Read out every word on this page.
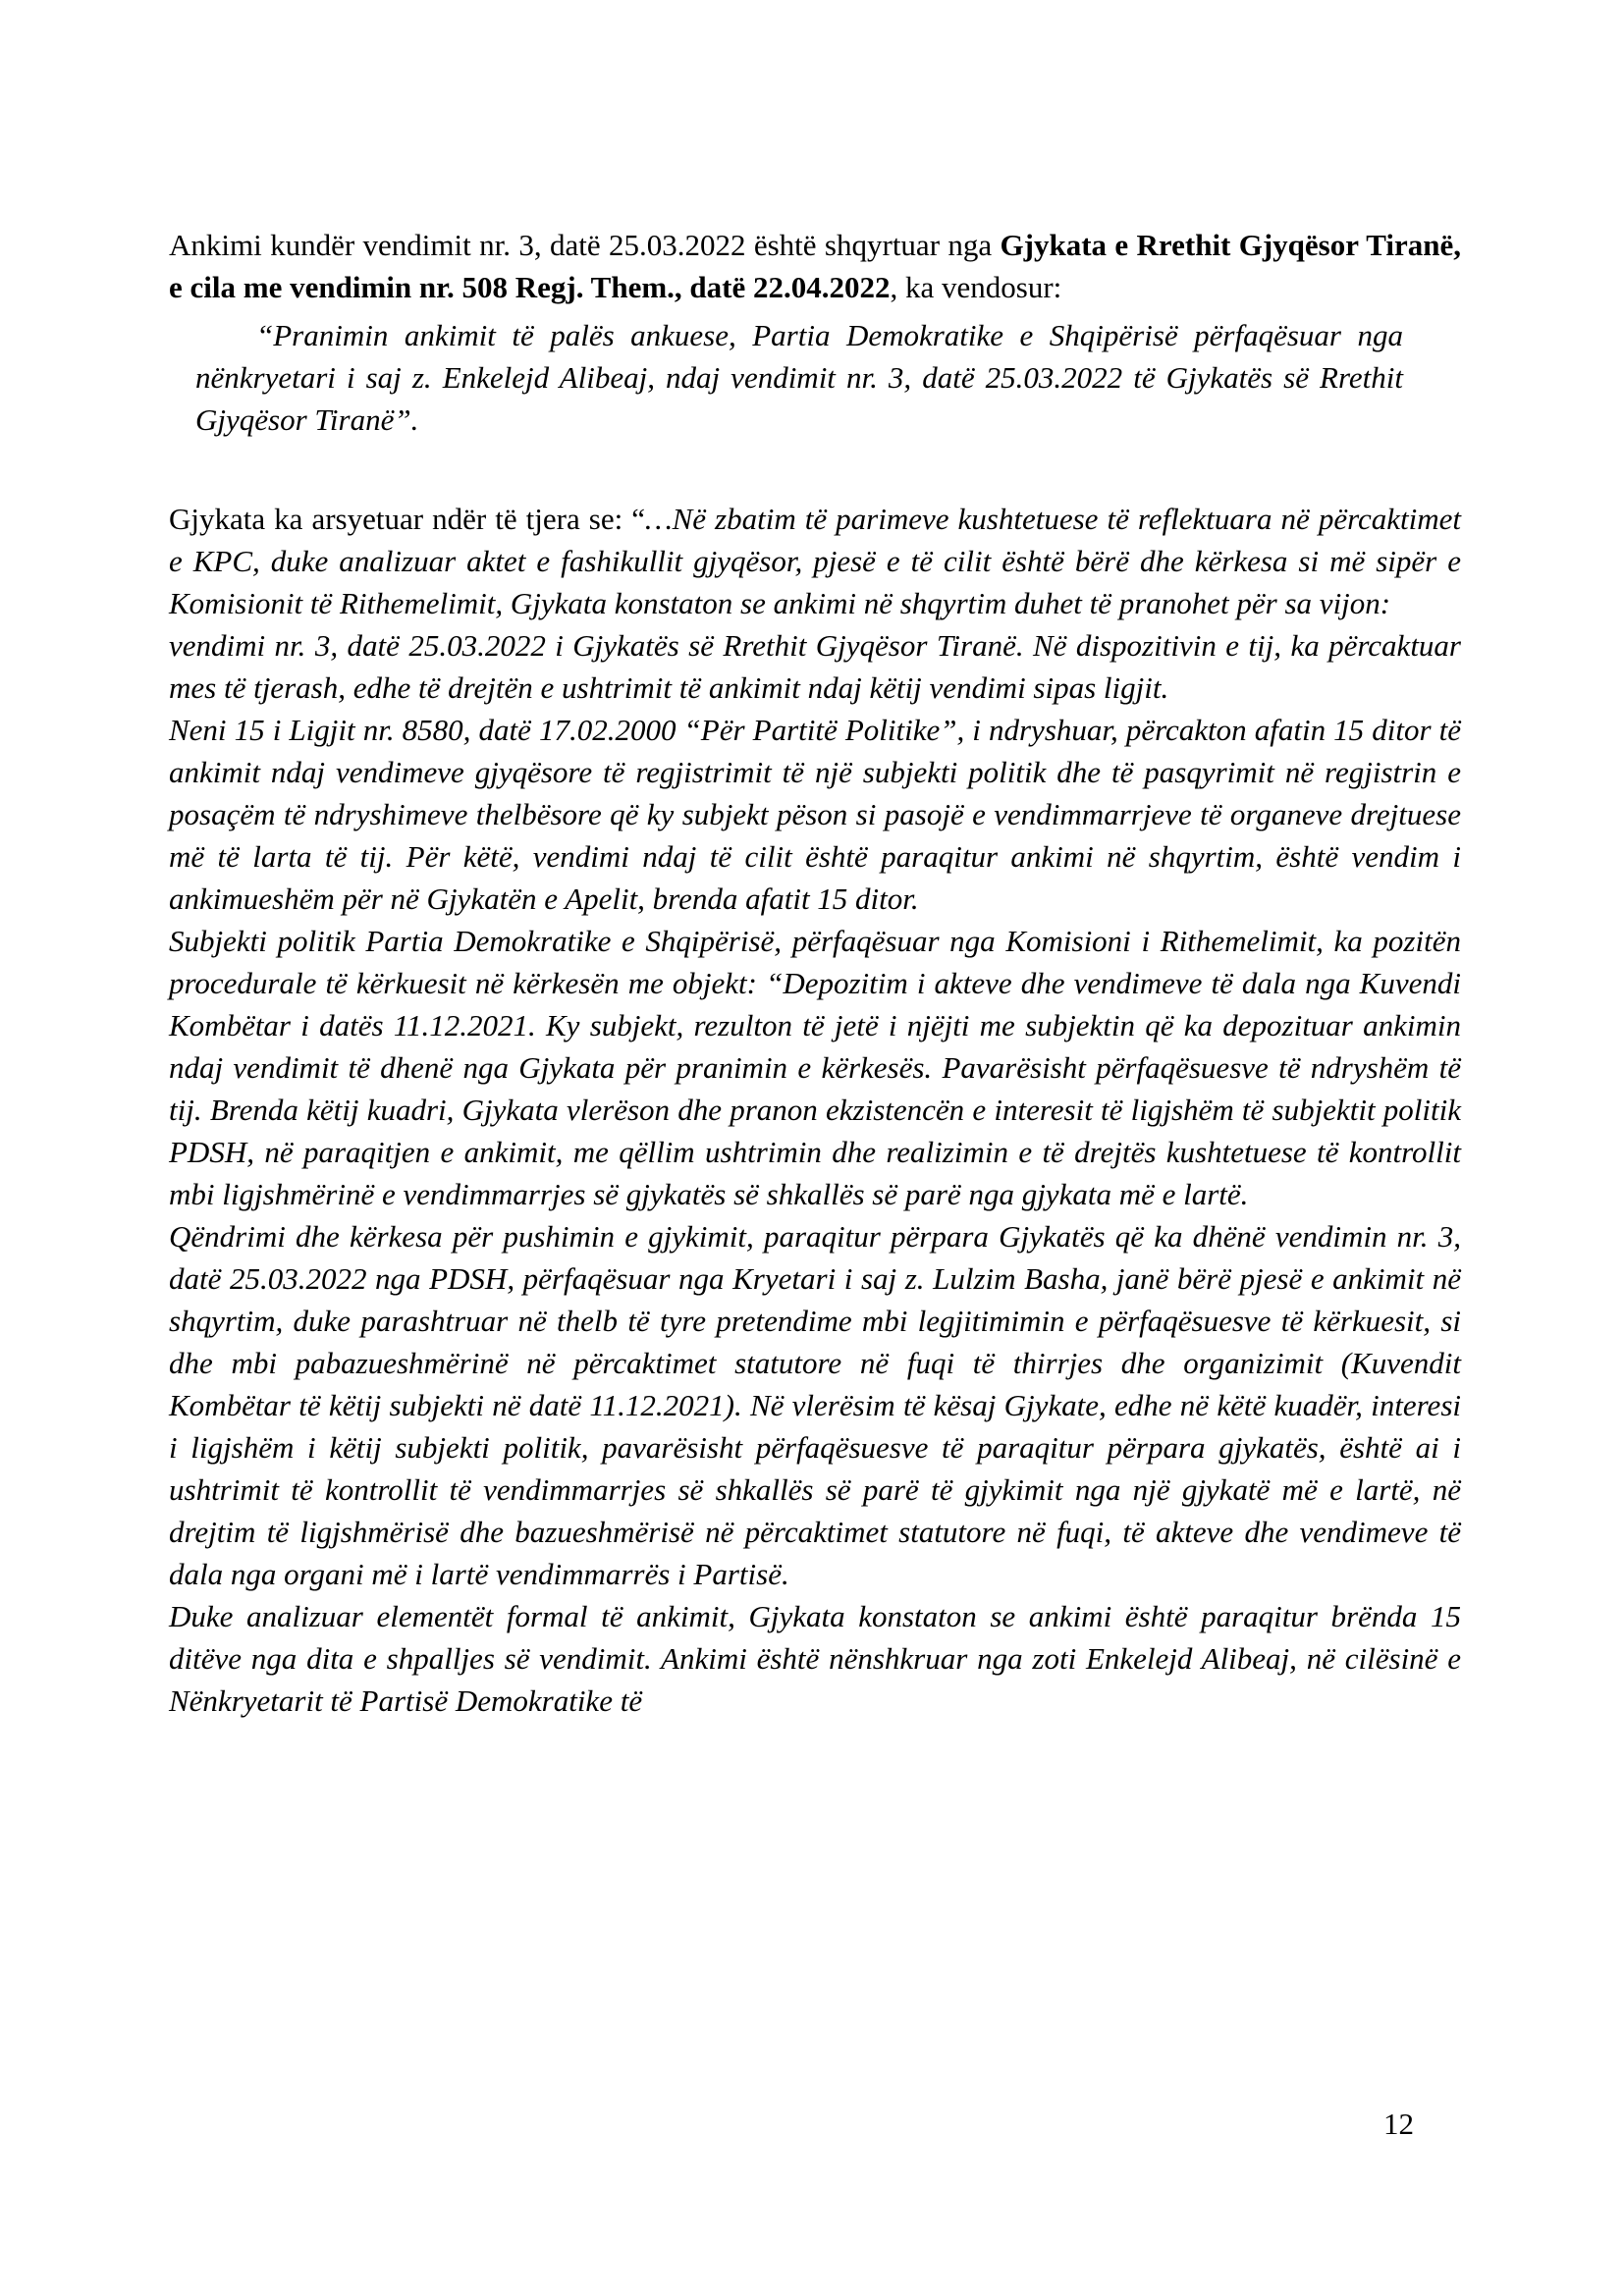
Ankimi kundër vendimit nr. 3, datë 25.03.2022 është shqyrtuar nga Gjykata e Rrethit Gjyqësor Tiranë, e cila me vendimin nr. 508 Regj. Them., datë 22.04.2022, ka vendosur:

“Pranimin ankimit të palës ankuese, Partia Demokratike e Shqipërisë përfaqësuar nga nënkryetari i saj z. Enkelejd Alibeaj, ndaj vendimit nr. 3, datë 25.03.2022 të Gjykatës së Rrethit Gjyqësor Tiranë”.

Gjykata ka arsyetuar ndër të tjera se: “…Në zbatim të parimeve kushtetuese të reflektuara në përcaktimet e KPC, duke analizuar aktet e fashikullit gjyqësor, pjesë e të cilit është bërë dhe kërkesa si më sipër e Komisionit të Rithemelimit, Gjykata konstaton se ankimi në shqyrtim duhet të pranohet për sa vijon:

vendimi nr. 3, datë 25.03.2022 i Gjykatës së Rrethit Gjyqësor Tiranë. Në dispozitivin e tij, ka përcaktuar mes të tjerash, edhe të drejtën e ushtrimit të ankimit ndaj këtij vendimi sipas ligjit.

Neni 15 i Ligjit nr. 8580, datë 17.02.2000 “Për Partitë Politike”, i ndryshuar, përcakton afatin 15 ditor të ankimit ndaj vendimeve gjyqësore të regjistrimit të një subjekti politik dhe të pasqyrimit në regjistrin e posaçëm të ndryshimeve thelbësore që ky subjekt pëson si pasojë e vendimmarrjeve të organeve drejtuese më të larta të tij. Për këtë, vendimi ndaj të cilit është paraqitur ankimi në shqyrtim, është vendim i ankimueshëm për në Gjykatën e Apelit, brenda afatit 15 ditor.

Subjekti politik Partia Demokratike e Shqipërisë, përfaqësuar nga Komisioni i Rithemelimit, ka pozitën procedurale të kërkuesit në kërkesën me objekt: “Depozitim i akteve dhe vendimeve të dala nga Kuvendi Kombëtar i datës 11.12.2021. Ky subjekt, rezulton të jetë i njëjti me subjektin që ka depozituar ankimin ndaj vendimit të dhenë nga Gjykata për pranimin e kërkesës. Pavarësisht përfaqësuesve të ndryshëm të tij. Brenda këtij kuadri, Gjykata vlerëson dhe pranon ekzistencën e interesit të ligjshëm të subjektit politik PDSH, në paraqitjen e ankimit, me qëllim ushtrimin dhe realizimin e të drejtës kushtetuese të kontrollit mbi ligjshmërinë e vendimmarrjes së gjykatës së shkallës së parë nga gjykata më e lartë.

Qëndrimi dhe kërkesa për pushimin e gjykimit, paraqitur përpara Gjykatës që ka dhënë vendimin nr. 3, datë 25.03.2022 nga PDSH, përfaqësuar nga Kryetari i saj z. Lulzim Basha, janë bërë pjesë e ankimit në shqyrtim, duke parashtruar në thelb të tyre pretendime mbi legjitimimin e përfaqësuesve të kërkuesit, si dhe mbi pabazueshmërinë në përcaktimet statutore në fuqi të thirrjes dhe organizimit (Kuvendit Kombëtar të këtij subjekti në datë 11.12.2021). Në vlerësim të kësaj Gjykate, edhe në këtë kuadër, interesi i ligjshëm i këtij subjekti politik, pavarësisht përfaqësuesve të paraqitur përpara gjykatës, është ai i ushtrimit të kontrollit të vendimmarrjes së shkallës së parë të gjykimit nga një gjykatë më e lartë, në drejtim të ligjshmërisë dhe bazueshmërisë në përcaktimet statutore në fuqi, të akteve dhe vendimeve të dala nga organi më i lartë vendimmarrës i Partisë.

Duke analizuar elementët formal të ankimit, Gjykata konstaton se ankimi është paraqitur brënda 15 ditëve nga dita e shpalljes së vendimit. Ankimi është nënshkruar nga zoti Enkelejd Alibeaj, në cilësinë e Nënkryetarit të Partisë Demokratike të

12
